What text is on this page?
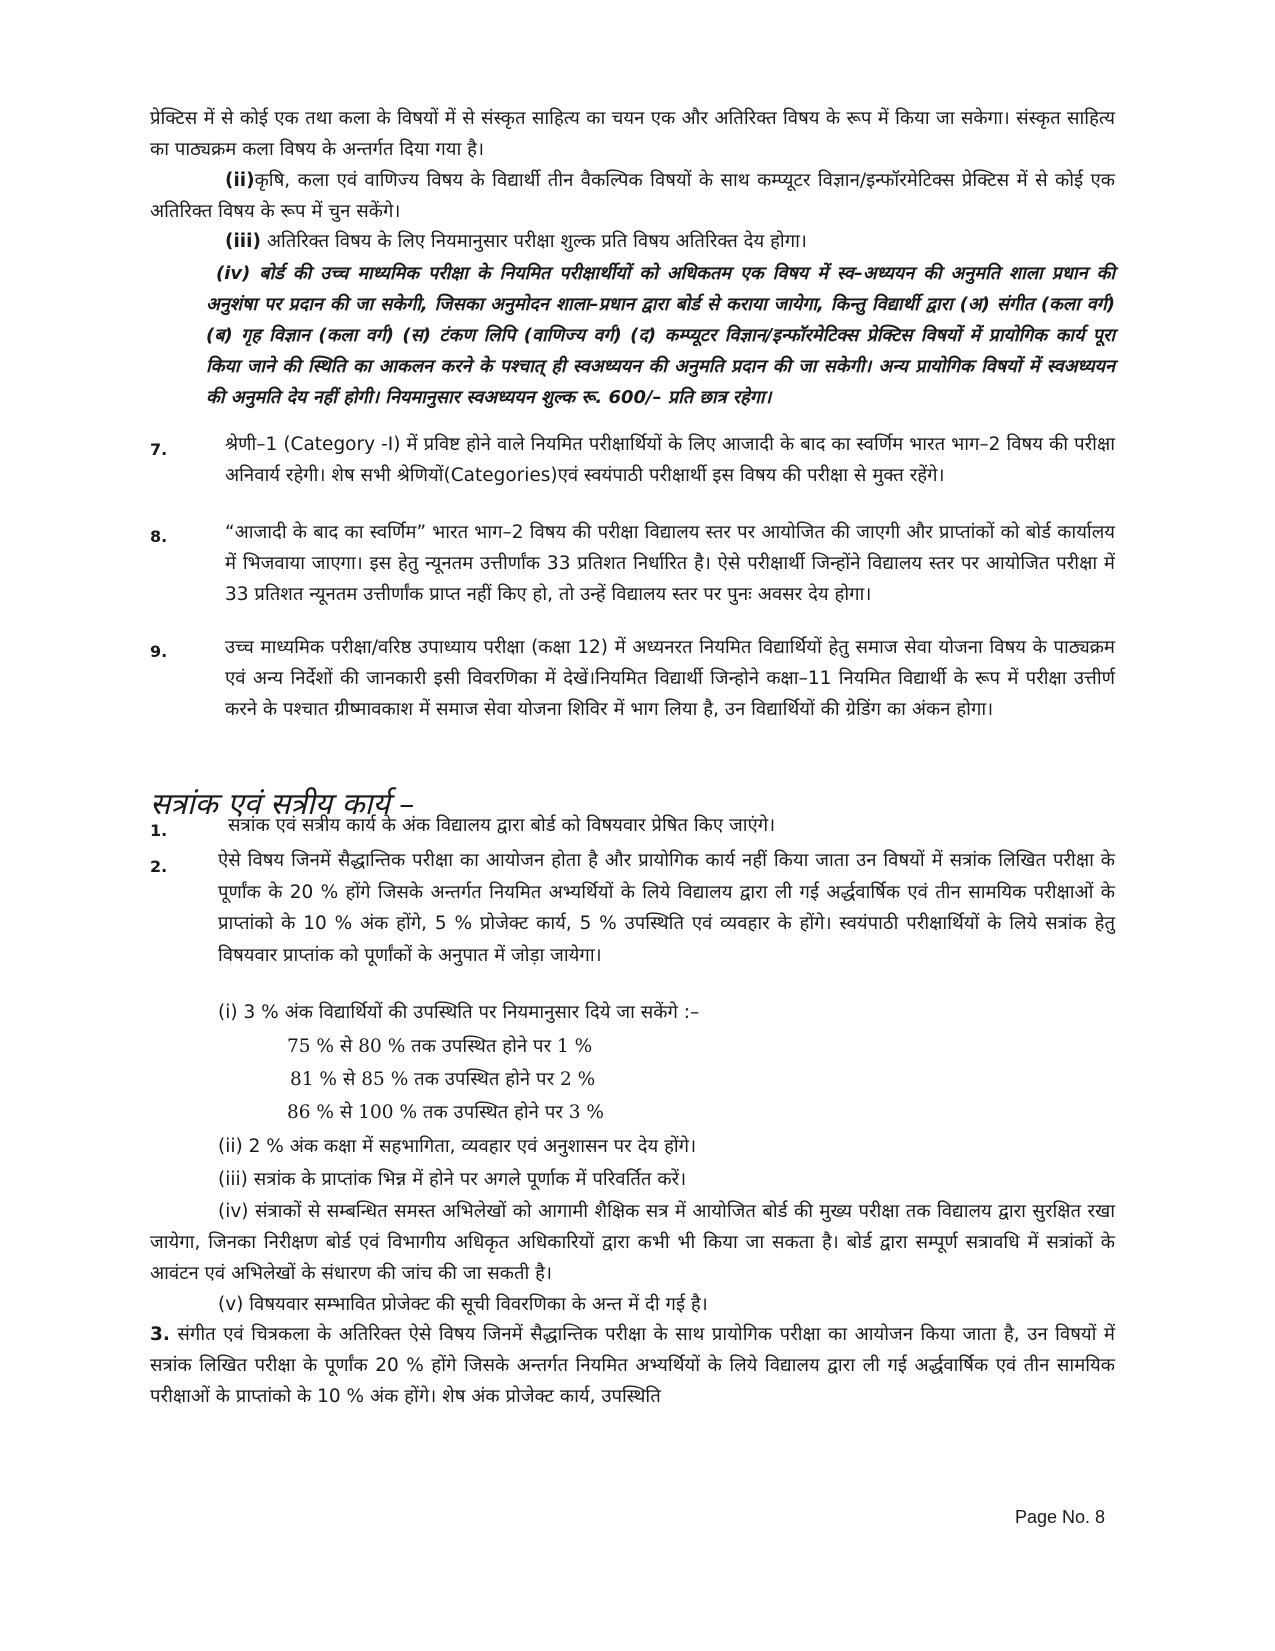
प्रेक्टिस में से कोई एक तथा कला के विषयों में से संस्कृत साहित्य का चयन एक और अतिरिक्त विषय के रूप में किया जा सकेगा। संस्कृत साहित्य का पाठ्यक्रम कला विषय के अन्तर्गत दिया गया है।

(ii)कृषि, कला एवं वाणिज्य विषय के विद्यार्थी तीन वैकल्पिक विषयों के साथ कम्प्यूटर विज्ञान/इन्फॉरमेटिक्स प्रेक्टिस में से कोई एक अतिरिक्त विषय के रूप में चुन सकेंगे।

(iii) अतिरिक्त विषय के लिए नियमानुसार परीक्षा शुल्क प्रति विषय अतिरिक्त देय होगा।

(iv) बोर्ड की उच्च माध्यमिक परीक्षा के नियमित परीक्षार्थीयों को अधिकतम एक विषय में स्व–अध्ययन की अनुमति शाला प्रधान की अनुशंषा पर प्रदान की जा सकेगी, जिसका अनुमोदन शाला–प्रधान द्वारा बोर्ड से कराया जायेगा, किन्तु विद्यार्थी द्वारा (अ) संगीत (कला वर्ग) (ब) गृह विज्ञान (कला वर्ग) (स) टंकण लिपि (वाणिज्य वर्ग) (द) कम्प्यूटर विज्ञान/इन्फॉरमेटिक्स प्रेक्टिस विषयों में प्रायोगिक कार्य पूरा किया जाने की स्थिति का आकलन करने के पश्चात् ही स्वअध्ययन की अनुमति प्रदान की जा सकेगी। अन्य प्रायोगिक विषयों में स्वअध्ययन की अनुमति देय नहीं होगी। नियमानुसार स्वअध्ययन शुल्क रू. 600/– प्रति छात्र रहेगा।

7.	श्रेणी–1 (Category -I) में प्रविष्ट होने वाले नियमित परीक्षार्थियों के लिए आजादी के बाद का स्वर्णिम भारत भाग–2 विषय की परीक्षा अनिवार्य रहेगी। शेष सभी श्रेणियों(Categories)एवं स्वयंपाठी परीक्षार्थी इस विषय की परीक्षा से मुक्त रहेंगे।

8.	“आजादी के बाद का स्वर्णिम” भारत भाग–2 विषय की परीक्षा विद्यालय स्तर पर आयोजित की जाएगी और प्राप्तांकों को बोर्ड कार्यालय में भिजवाया जाएगा। इस हेतु न्यूनतम उत्तीर्णांक 33 प्रतिशत निर्धारित है। ऐसे परीक्षार्थी जिन्होंने विद्यालय स्तर पर आयोजित परीक्षा में 33 प्रतिशत न्यूनतम उत्तीर्णांक प्राप्त नहीं किए हो, तो उन्हें विद्यालय स्तर पर पुनः अवसर देय होगा।

9.	उच्च माध्यमिक परीक्षा/वरिष्ठ उपाध्याय परीक्षा (कक्षा 12) में अध्यनरत नियमित विद्यार्थियों हेतु समाज सेवा योजना विषय के पाठ्यक्रम एवं अन्य निर्देशों की जानकारी इसी विवरणिका में देखें।नियमित विद्यार्थी जिन्होने कक्षा–11 नियमित विद्यार्थी के रूप में परीक्षा उत्तीर्ण करने के पश्चात ग्रीष्मावकाश में समाज सेवा योजना शिविर में भाग लिया है, उन विद्यार्थियों की ग्रेडिंग का अंकन होगा।

सत्रांक एवं सत्रीय कार्य –
1.	सत्रांक एवं सत्रीय कार्य के अंक विद्यालय द्वारा बोर्ड को विषयवार प्रेषित किए जाएंगे।

2.	ऐसे विषय जिनमें सैद्धान्तिक परीक्षा का आयोजन होता है और प्रायोगिक कार्य नहीं किया जाता उन विषयों में सत्रांक लिखित परीक्षा के पूर्णांक के 20 % होंगे जिसके अन्तर्गत नियमित अभ्यर्थियों के लिये विद्यालय द्वारा ली गई अर्द्धवार्षिक एवं तीन सामयिक परीक्षाओं के प्राप्तांको के 10 % अंक होंगे, 5 % प्रोजेक्ट कार्य, 5 % उपस्थिति एवं व्यवहार के होंगे। स्वयंपाठी परीक्षार्थियों के लिये सत्रांक हेतु विषयवार प्राप्तांक को पूर्णांकों के अनुपात में जोड़ा जायेगा।

(i) 3 % अंक विद्यार्थियों की उपस्थिति पर नियमानुसार दिये जा सकेंगे :–
75 % से 80 % तक उपस्थित होने पर 1 %
81 % से 85 % तक उपस्थित होने पर 2 %
86 % से 100 % तक उपस्थित होने पर 3 %
(ii) 2 % अंक कक्षा में सहभागिता, व्यवहार एवं अनुशासन पर देय होंगे।
(iii) सत्रांक के प्राप्तांक भिन्न में होने पर अगले पूर्णाक में परिवर्तित करें।

(iv) संत्राकों से सम्बन्धित समस्त अभिलेखों को आगामी शैक्षिक सत्र में आयोजित बोर्ड की मुख्य परीक्षा तक विद्यालय द्वारा सुरक्षित रखा जायेगा, जिनका निरीक्षण बोर्ड एवं विभागीय अधिकृत अधिकारियों द्वारा कभी भी किया जा सकता है। बोर्ड द्वारा सम्पूर्ण सत्रावधि में सत्रांकों के आवंटन एवं अभिलेखों के संधारण की जांच की जा सकती है।

(v) विषयवार सम्भावित प्रोजेक्ट की सूची विवरणिका के अन्त में दी गई है।

3. संगीत एवं चित्रकला के अतिरिक्त ऐसे विषय जिनमें सैद्धान्तिक परीक्षा के साथ प्रायोगिक परीक्षा का आयोजन किया जाता है, उन विषयों में सत्रांक लिखित परीक्षा के पूर्णांक 20 % होंगे जिसके अन्तर्गत नियमित अभ्यर्थियों के लिये विद्यालय द्वारा ली गई अर्द्धवार्षिक एवं तीन सामयिक परीक्षाओं के प्राप्तांको के 10 % अंक होंगे। शेष अंक प्रोजेक्ट कार्य, उपस्थिति

Page No. 8
